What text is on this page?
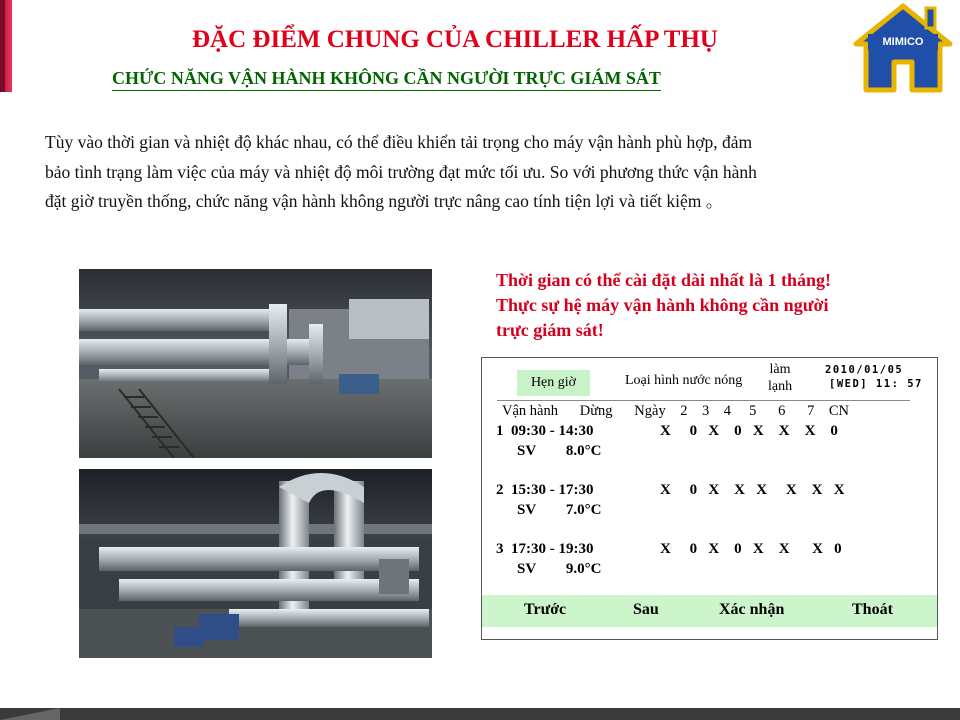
ĐẶC ĐIỂM CHUNG CỦA CHILLER HẤP THỤ
CHỨC NĂNG VẬN HÀNH KHÔNG CẦN NGƯỜI TRỰC GIÁM SÁT
MIMICO
Tùy vào thời gian và nhiệt độ khác nhau, có thể điều khiển tải trọng cho máy vận hành phù hợp, đảm
bảo tình trạng làm việc của máy và nhiệt độ môi trường đạt mức tối ưu. So với phương thức vận hành
đặt giờ truyền thống, chức năng vận hành không người trực nâng cao tính tiện lợi và tiết kiệm 。
Thời gian có thể cài đặt dài nhất là 1 tháng!
Thực sự hệ máy vận hành không cần người
trực giám sát!
Hẹn giờ	Loại hình nước nóng
làm
lạnh
2010/01/05
[WED] 11: 57
Vận hành      Dừng      Ngày    2    3    4     5      6      7    CN
1  09:30 - 14:30	X     0   X    0   X    X    X    0
SV        8.0°C
2  15:30 - 17:30	X     0   X    X   X     X    X   X
SV        7.0°C
3  17:30 - 19:30	X     0   X    0   X    X      X   0
SV        9.0°C
Trước	Sau	Xác nhận	Thoát
